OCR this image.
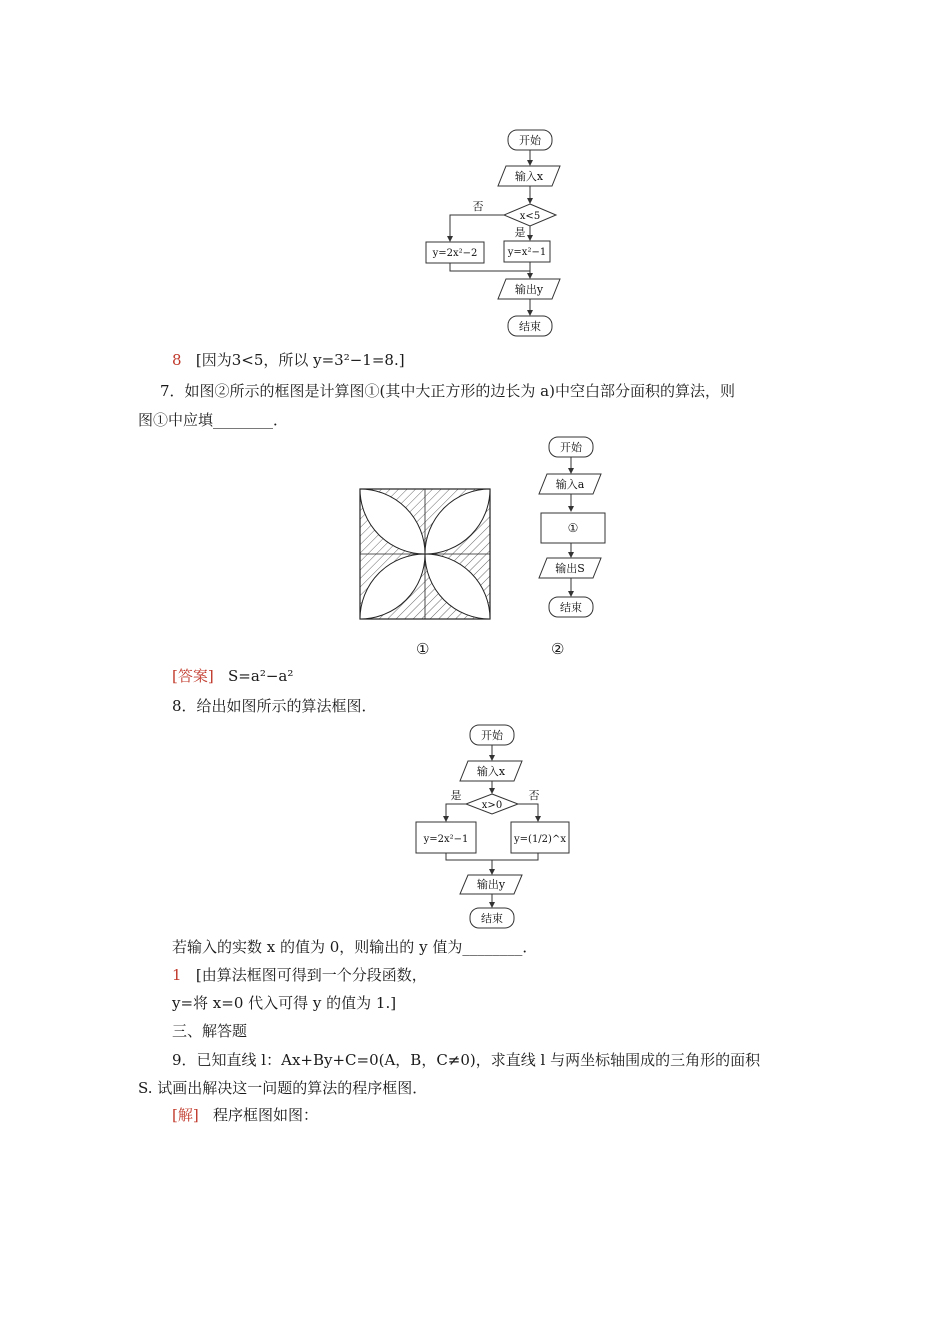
开始
输入x
x<5
否
是
y=2x²−2	y=x²−1
输出y
结束
8 [因为3<5，所以 y=3²−1=8.]
7．如图②所示的框图是计算图①(其中大正方形的边长为 a)中空白部分面积的算法，则
图①中应填________．
开始
输入a
①
输出S
结束
①	②
[答案] S=a²−a²
8．给出如图所示的算法框图．
开始
输入x
x>0
是	否
y=2x²−1	y=(1/2)^x
输出y
结束
若输入的实数 x 的值为 0，则输出的 y 值为________．
1 [由算法框图可得到一个分段函数，
y=将 x=0 代入可得 y 的值为 1.]
三、解答题
9．已知直线 l：Ax+By+C=0(A，B，C≠0)，求直线 l 与两坐标轴围成的三角形的面积
S. 试画出解决这一问题的算法的程序框图．
[解] 程序框图如图：
